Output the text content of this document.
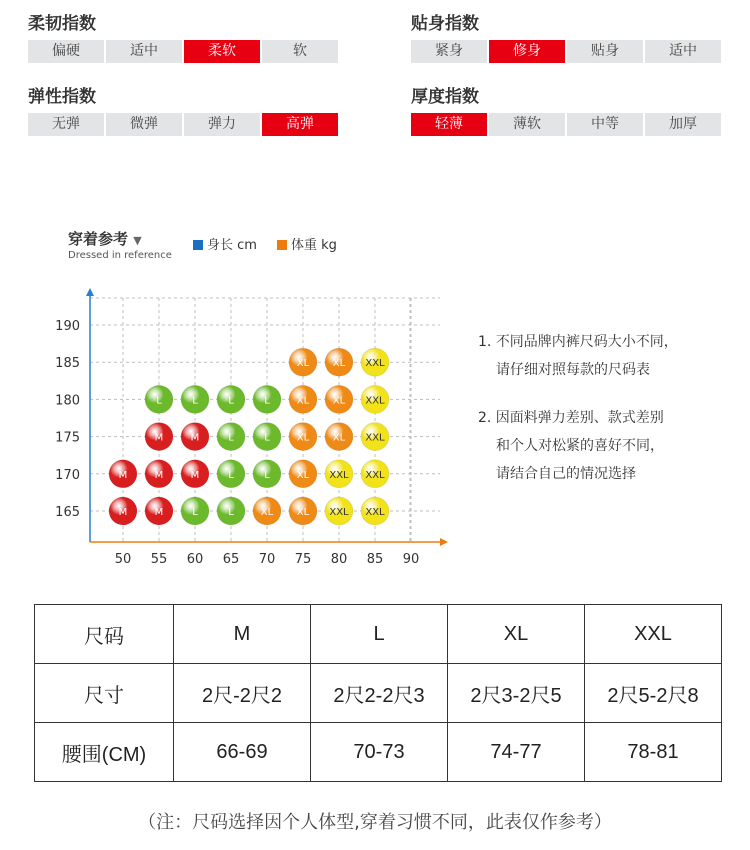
柔韧指数
偏硬	适中	柔软	软
贴身指数
紧身	修身	贴身	适中
弹性指数
无弹	微弹	弹力	高弹
厚度指数
轻薄	薄软	中等	加厚
穿着参考 ▼
Dressed in reference
身长 cm	体重 kg
50 55 60 65 70 75 80 85 90
165
170
175
180
185
190
XL XL XXL
L	L	L	L	XL XL XXL
M	M	L	L	XL XL XXL
M	M	M	L	L	XL XXL XXL
M	M	L	L	XL XL XXL XXL

1. 不同品牌内裤尺码大小不同，

请仔细对照每款的尺码表

2. 因面料弹力差别、款式差别

和个人对松紧的喜好不同，

请结合自己的情况选择

尺码	M	L	XL	XXL
尺寸	2尺-2尺2	2尺2-2尺3	2尺3-2尺5	2尺5-2尺8
腰围(CM)	66-69	70-73	74-77	78-81
（注：尺码选择因个人体型,穿着习惯不同，此表仅作参考）
